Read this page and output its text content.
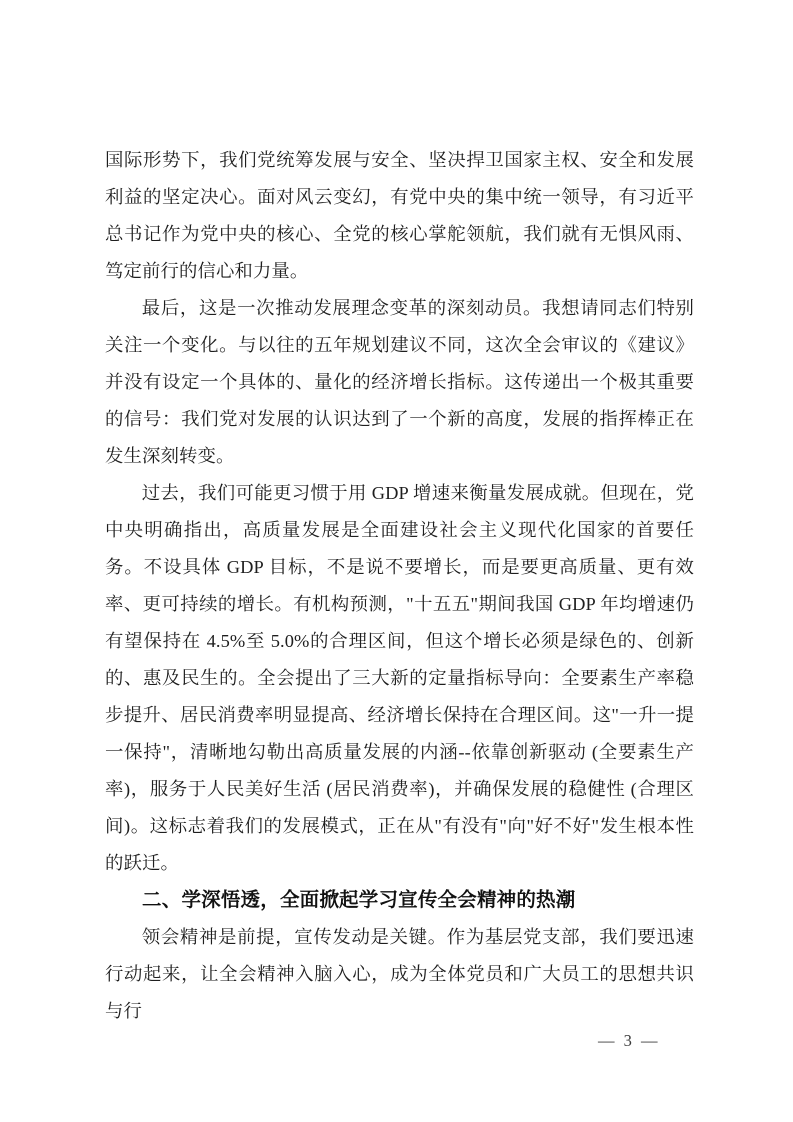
国际形势下，我们党统筹发展与安全、坚决捍卫国家主权、安全和发展利益的坚定决心。面对风云变幻，有党中央的集中统一领导，有习近平总书记作为党中央的核心、全党的核心掌舵领航，我们就有无惧风雨、笃定前行的信心和力量。

最后，这是一次推动发展理念变革的深刻动员。我想请同志们特别关注一个变化。与以往的五年规划建议不同，这次全会审议的《建议》并没有设定一个具体的、量化的经济增长指标。这传递出一个极其重要的信号：我们党对发展的认识达到了一个新的高度，发展的指挥棒正在发生深刻转变。

过去，我们可能更习惯于用 GDP 增速来衡量发展成就。但现在，党中央明确指出，高质量发展是全面建设社会主义现代化国家的首要任务。不设具体 GDP 目标，不是说不要增长，而是要更高质量、更有效率、更可持续的增长。有机构预测，"十五五"期间我国 GDP 年均增速仍有望保持在 4.5%至 5.0%的合理区间，但这个增长必须是绿色的、创新的、惠及民生的。全会提出了三大新的定量指标导向：全要素生产率稳步提升、居民消费率明显提高、经济增长保持在合理区间。这"一升一提一保持"，清晰地勾勒出高质量发展的内涵--依靠创新驱动 (全要素生产率)，服务于人民美好生活 (居民消费率)，并确保发展的稳健性 (合理区间)。这标志着我们的发展模式，正在从"有没有"向"好不好"发生根本性的跃迁。

二、学深悟透，全面掀起学习宣传全会精神的热潮

领会精神是前提，宣传发动是关键。作为基层党支部，我们要迅速行动起来，让全会精神入脑入心，成为全体党员和广大员工的思想共识与行

— 3 —
